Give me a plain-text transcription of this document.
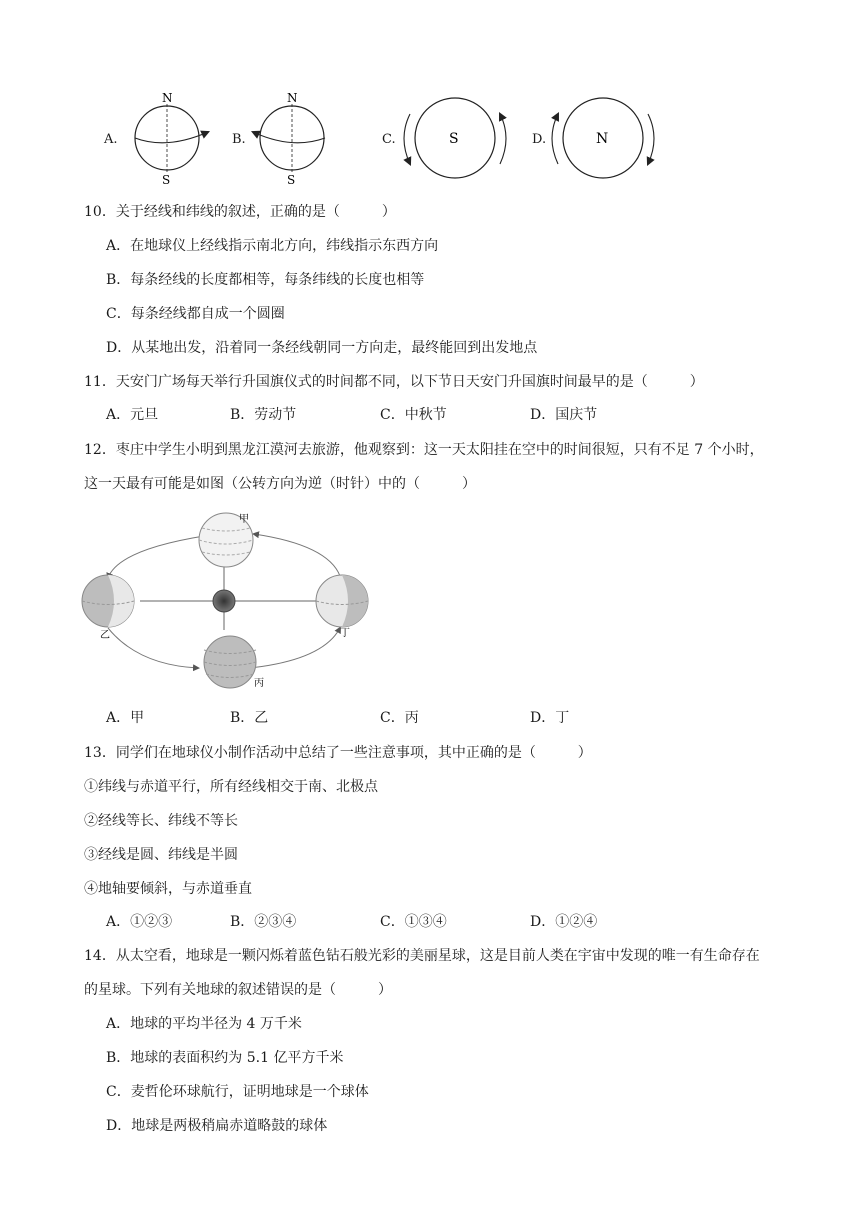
A.
N
S
B.
N
S
C.	S	D.	N
10．关于经线和纬线的叙述，正确的是（　　　）
A．在地球仪上经线指示南北方向，纬线指示东西方向
B．每条经线的长度都相等，每条纬线的长度也相等
C．每条经线都自成一个圆圈
D．从某地出发，沿着同一条经线朝同一方向走，最终能回到出发地点
11．天安门广场每天举行升国旗仪式的时间都不同，以下节日天安门升国旗时间最早的是（　　　）
A．元旦	B．劳动节	C．中秋节	D．国庆节
12．枣庄中学生小明到黑龙江漠河去旅游，他观察到：这一天太阳挂在空中的时间很短，只有不足 7 个小时，
这一天最有可能是如图（公转方向为逆（时针）中的（　　　）
甲
乙	丁
丙
A．甲	B．乙	C．丙	D．丁
13．同学们在地球仪小制作活动中总结了一些注意事项，其中正确的是（　　　）
①纬线与赤道平行，所有经线相交于南、北极点
②经线等长、纬线不等长
③经线是圆、纬线是半圆
④地轴要倾斜，与赤道垂直
A．①②③	B．②③④	C．①③④	D．①②④
14．从太空看，地球是一颗闪烁着蓝色钻石般光彩的美丽星球，这是目前人类在宇宙中发现的唯一有生命存在
的星球。下列有关地球的叙述错误的是（　　　）
A．地球的平均半径为 4 万千米
B．地球的表面积约为 5.1 亿平方千米
C．麦哲伦环球航行，证明地球是一个球体
D．地球是两极稍扁赤道略鼓的球体
